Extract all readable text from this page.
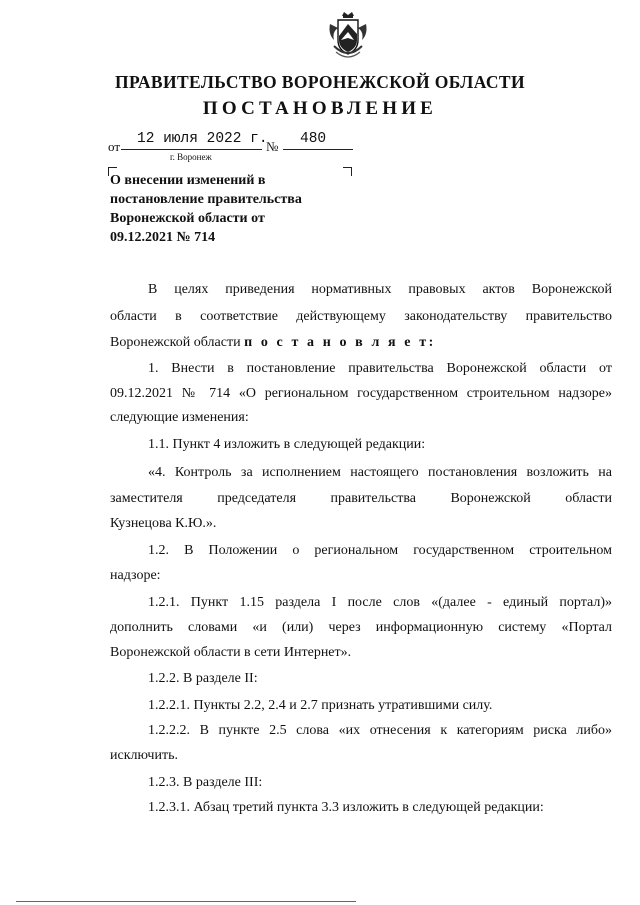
ПРАВИТЕЛЬСТВО ВОРОНЕЖСКОЙ ОБЛАСТИ
ПОСТАНОВЛЕНИЕ
от 12 июля 2022 г.
№ 480
г. Воронеж
О внесении изменений в
постановление правительства
Воронежской области от
09.12.2021 № 714
В целях приведения нормативных правовых актов Воронежской
области в соответствие действующему законодательству правительство
Воронежской области п о с т а н о в л я е т:
1. Внести в постановление правительства Воронежской области от
09.12.2021 № 714 «О региональном государственном строительном надзоре»
следующие изменения:
1.1. Пункт 4 изложить в следующей редакции:
«4. Контроль за исполнением настоящего постановления возложить на
заместителя председателя правительства Воронежской области
Кузнецова К.Ю.».
1.2. В Положении о региональном государственном строительном
надзоре:
1.2.1. Пункт 1.15 раздела I после слов «(далее - единый портал)»
дополнить словами «и (или) через информационную систему «Портал
Воронежской области в сети Интернет».
1.2.2. В разделе II:
1.2.2.1. Пункты 2.2, 2.4 и 2.7 признать утратившими силу.
1.2.2.2. В пункте 2.5 слова «их отнесения к категориям риска либо»
исключить.
1.2.3. В разделе III:
1.2.3.1. Абзац третий пункта 3.3 изложить в следующей редакции:
